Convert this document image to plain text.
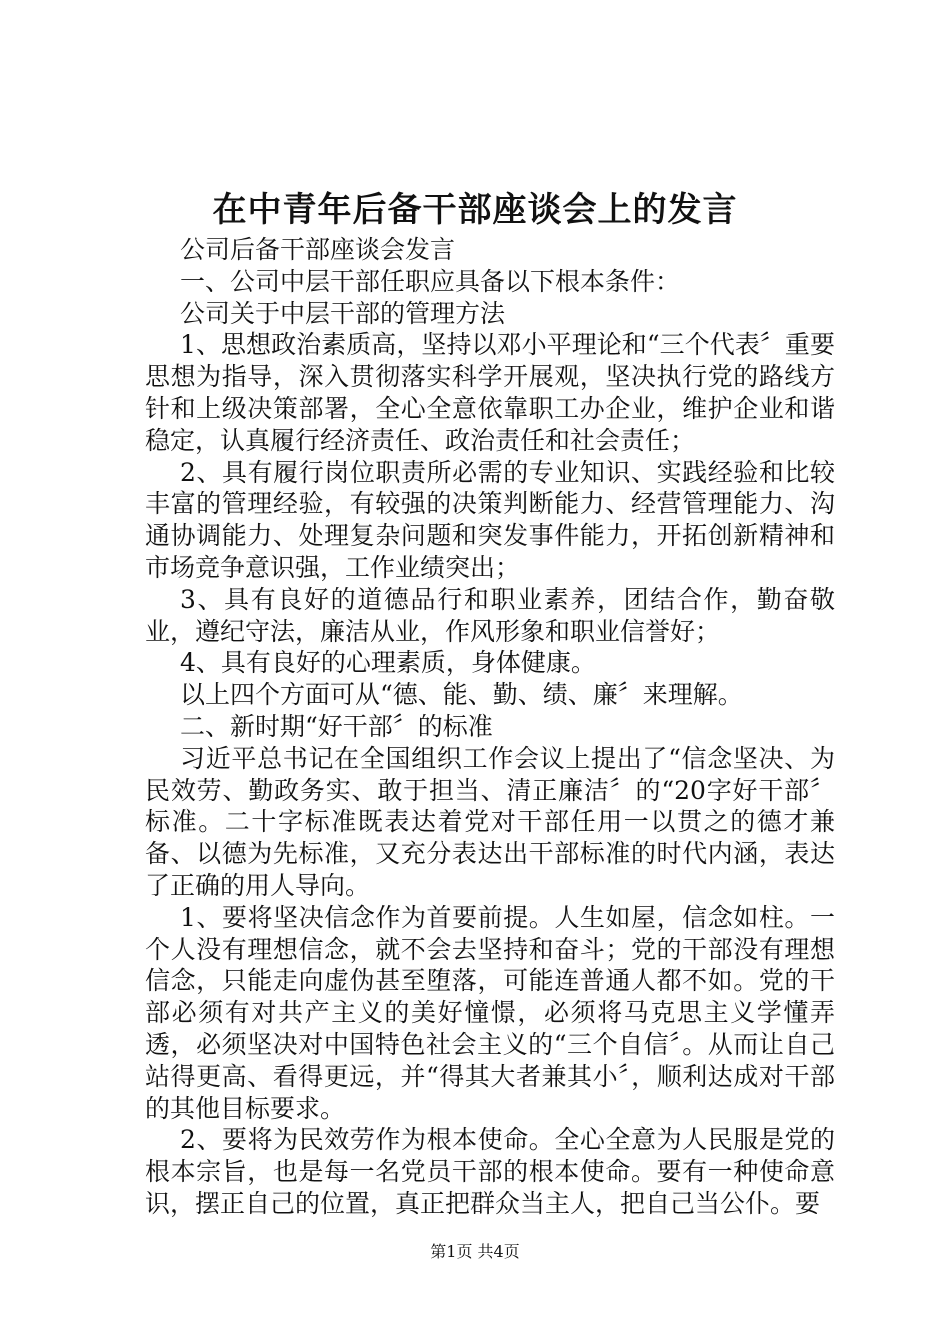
在中青年后备干部座谈会上的发言

公司后备干部座谈会发言

一、公司中层干部任职应具备以下根本条件：

公司关于中层干部的管理方法

1、思想政治素质高，坚持以邓小平理论和“三个代表〞重要思想为指导，深入贯彻落实科学开展观，坚决执行党的路线方针和上级决策部署，全心全意依靠职工办企业，维护企业和谐稳定，认真履行经济责任、政治责任和社会责任；

2、具有履行岗位职责所必需的专业知识、实践经验和比较丰富的管理经验，有较强的决策判断能力、经营管理能力、沟通协调能力、处理复杂问题和突发事件能力，开拓创新精神和市场竞争意识强，工作业绩突出；

3、具有良好的道德品行和职业素养，团结合作，勤奋敬业，遵纪守法，廉洁从业，作风形象和职业信誉好；

4、具有良好的心理素质，身体健康。

以上四个方面可从“德、能、勤、绩、廉〞来理解。

二、新时期“好干部〞的标准

习近平总书记在全国组织工作会议上提出了“信念坚决、为民效劳、勤政务实、敢于担当、清正廉洁〞的“20字好干部〞标准。二十字标准既表达着党对干部任用一以贯之的德才兼备、以德为先标准，又充分表达出干部标准的时代内涵，表达了正确的用人导向。

1、要将坚决信念作为首要前提。人生如屋，信念如柱。一个人没有理想信念，就不会去坚持和奋斗；党的干部没有理想信念，只能走向虚伪甚至堕落，可能连普通人都不如。党的干部必须有对共产主义的美好憧憬，必须将马克思主义学懂弄透，必须坚决对中国特色社会主义的“三个自信〞。从而让自己站得更高、看得更远，并“得其大者兼其小〞，顺利达成对干部的其他目标要求。

2、要将为民效劳作为根本使命。全心全意为人民服是党的根本宗旨，也是每一名党员干部的根本使命。要有一种使命意识，摆正自己的位置，真正把群众当主人，把自己当公仆。要

第1页 共4页
